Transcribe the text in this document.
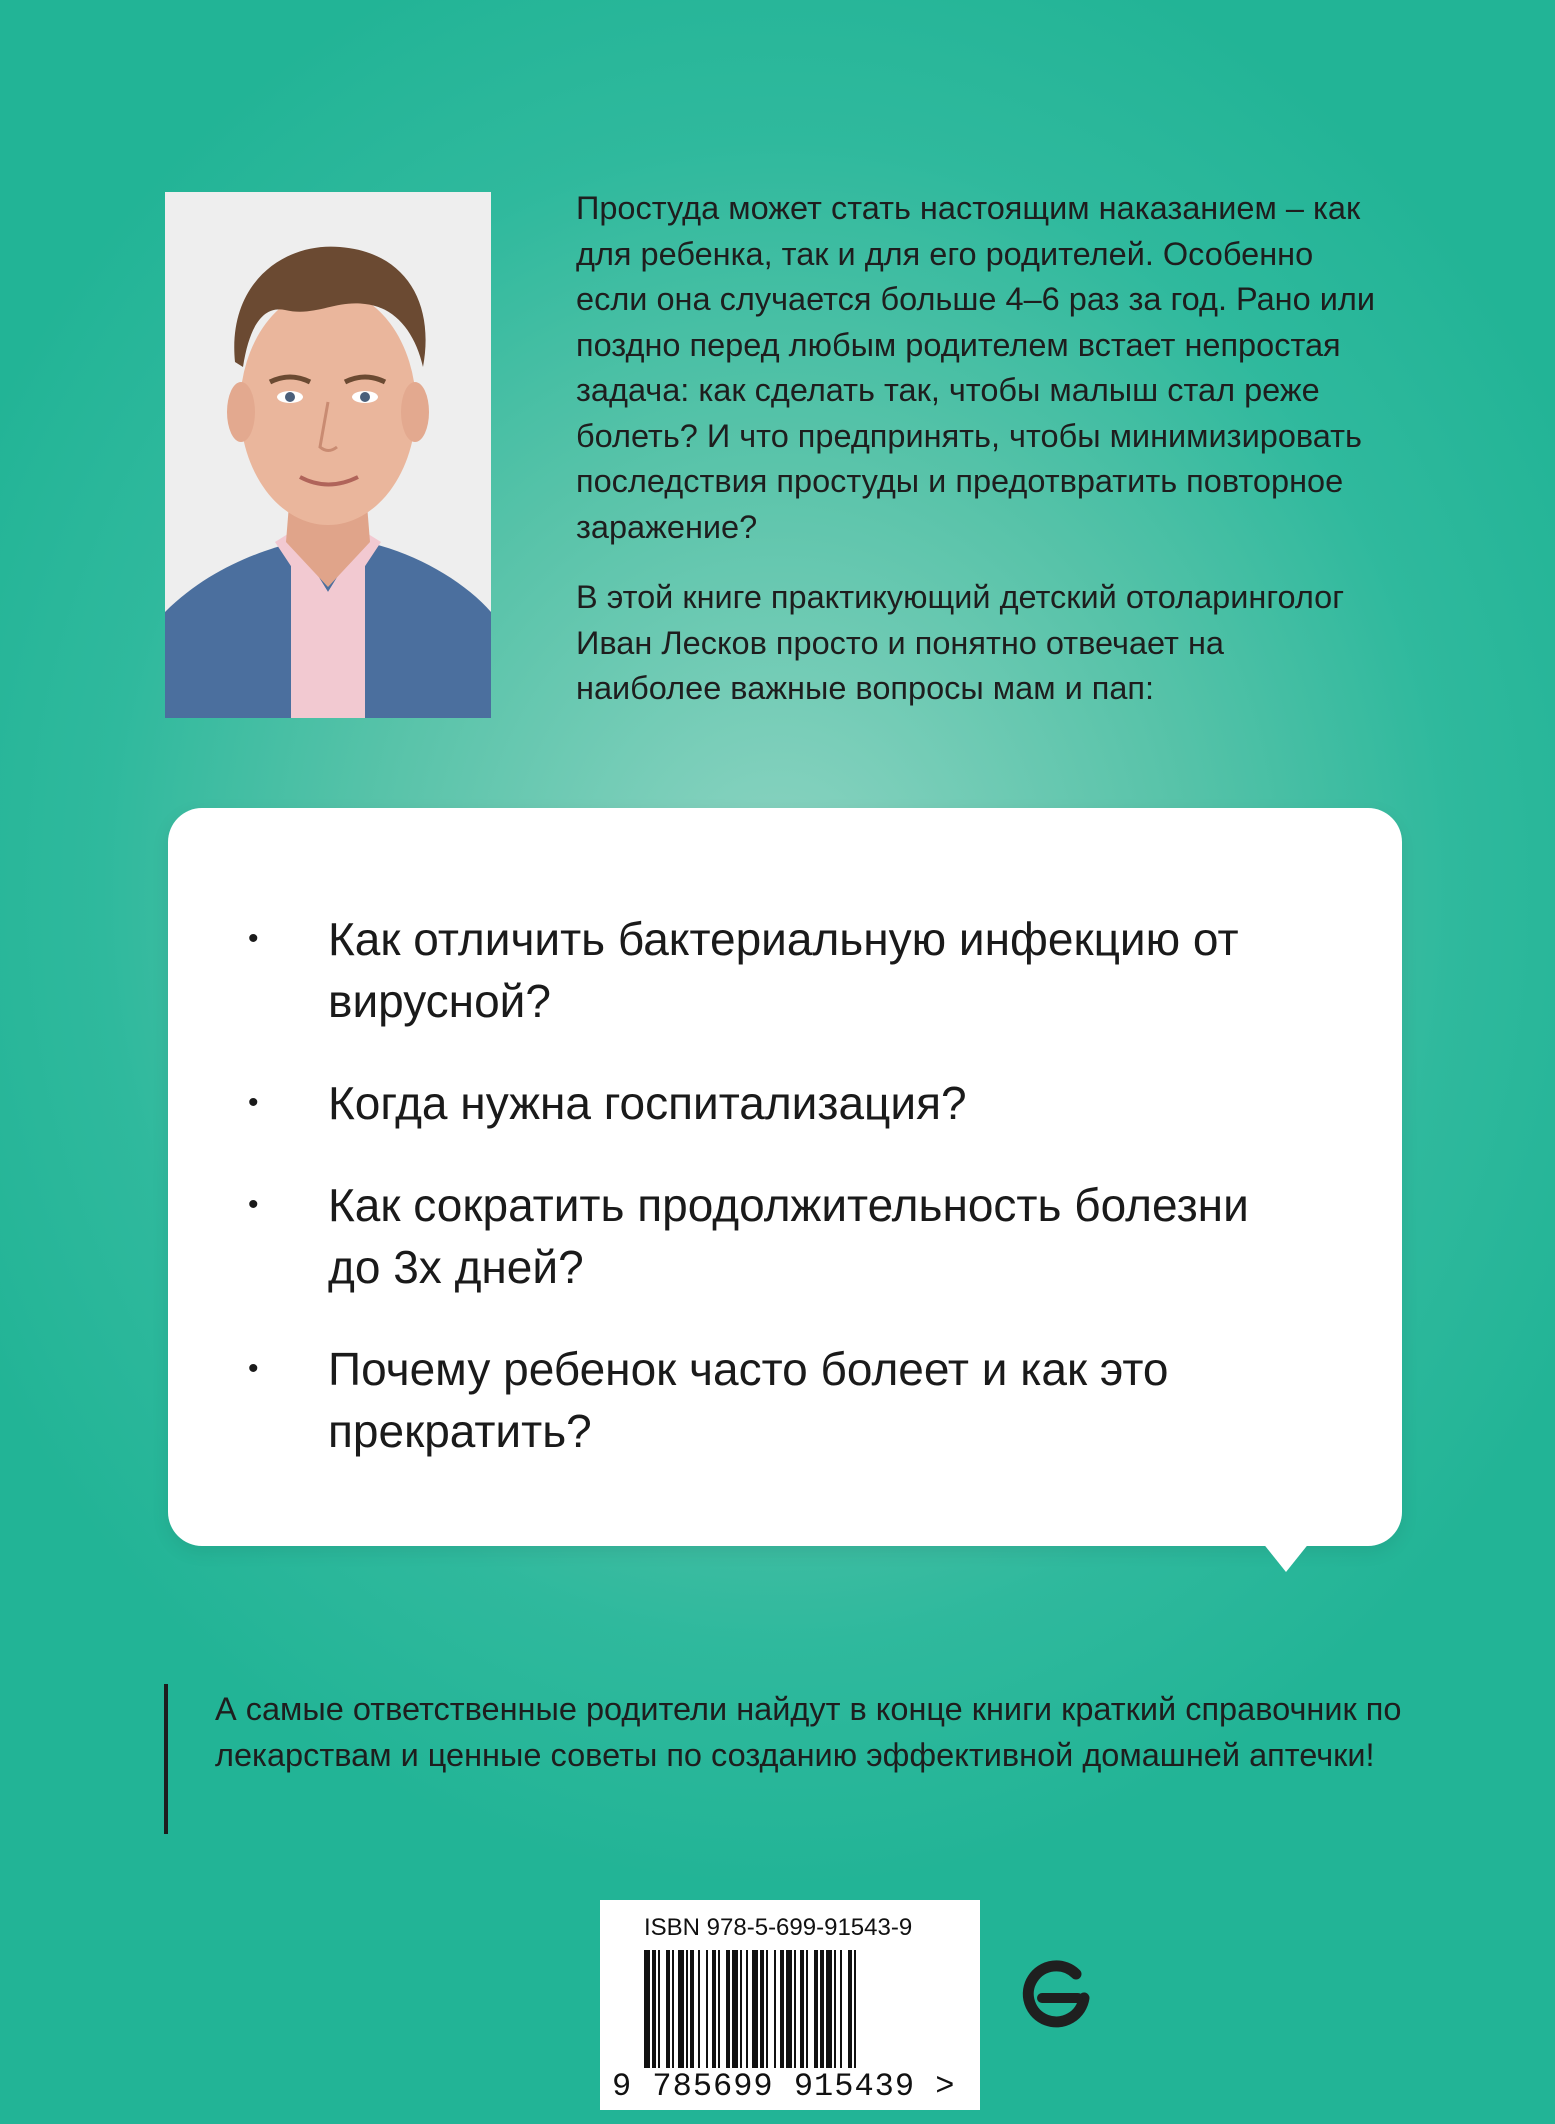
Простуда может стать настоящим наказанием – как для ребенка, так и для его родителей. Особенно если она случается больше 4–6 раз за год. Рано или поздно перед любым родителем встает непростая задача: как сделать так, чтобы малыш стал реже болеть? И что предпринять, чтобы минимизировать последствия простуды и предотвратить повторное заражение?

В этой книге практикующий детский отоларинголог Иван Лесков просто и понятно отвечает на наиболее важные вопросы мам и пап:

• Как отличить бактериальную инфекцию от вирусной?
• Когда нужна госпитализация?
• Как сократить продолжительность болезни до 3х дней?
• Почему ребенок часто болеет и как это прекратить?
А самые ответственные родители найдут в конце книги краткий справочник по лекарствам и ценные советы по созданию эффективной домашней аптечки!
ISBN 978-5-699-91543-9
9 785699 915439 >
